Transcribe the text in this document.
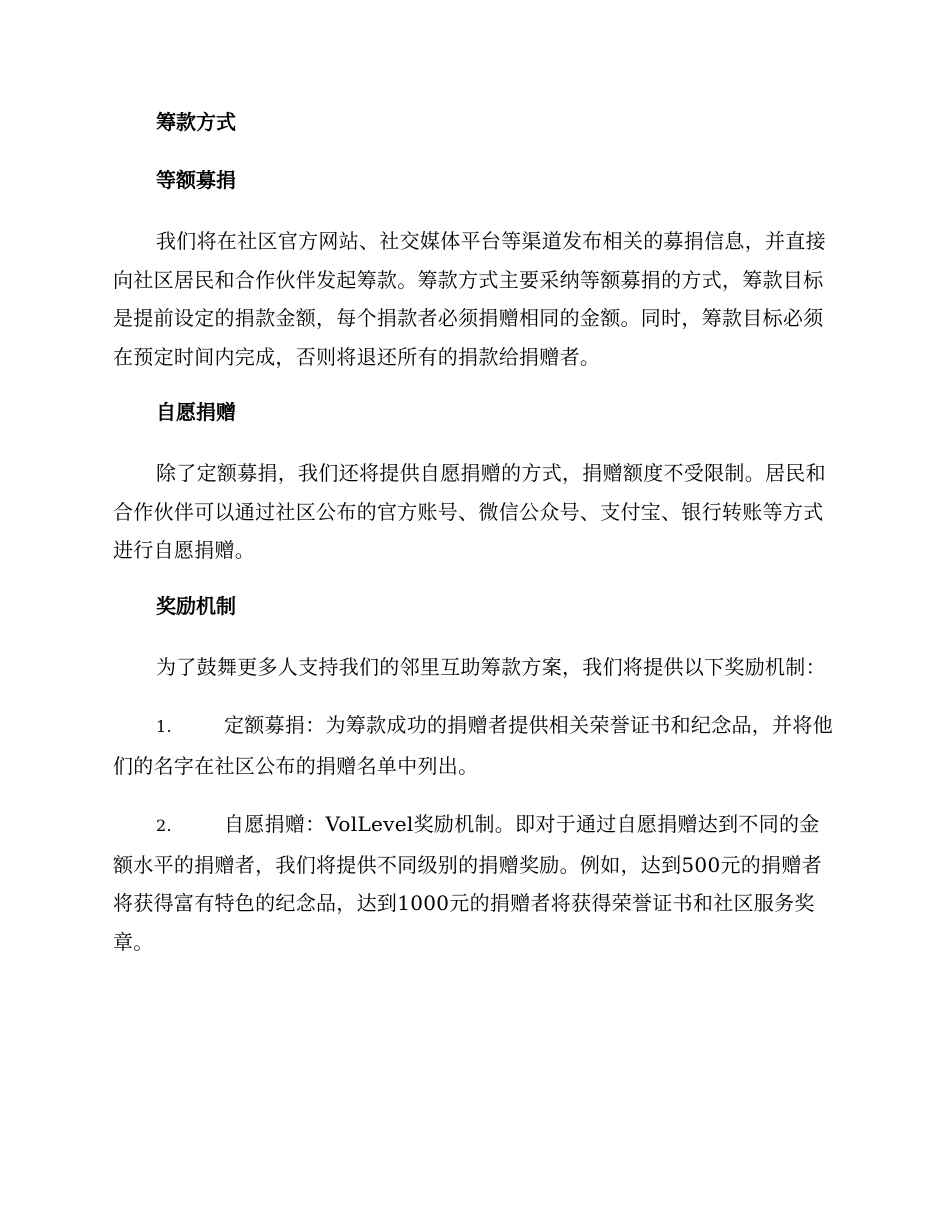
筹款方式
等额募捐

我们将在社区官方网站、社交媒体平台等渠道发布相关的募捐信息，并直接向社区居民和合作伙伴发起筹款。筹款方式主要采纳等额募捐的方式，筹款目标是提前设定的捐款金额，每个捐款者必须捐赠相同的金额。同时，筹款目标必须在预定时间内完成，否则将退还所有的捐款给捐赠者。

自愿捐赠

除了定额募捐，我们还将提供自愿捐赠的方式，捐赠额度不受限制。居民和合作伙伴可以通过社区公布的官方账号、微信公众号、支付宝、银行转账等方式进行自愿捐赠。

奖励机制

为了鼓舞更多人支持我们的邻里互助筹款方案，我们将提供以下奖励机制：

1.	定额募捐：为筹款成功的捐赠者提供相关荣誉证书和纪念品，并将他们的名字在社区公布的捐赠名单中列出。

2.	自愿捐赠：VolLevel奖励机制。即对于通过自愿捐赠达到不同的金额水平的捐赠者，我们将提供不同级别的捐赠奖励。例如，达到500元的捐赠者将获得富有特色的纪念品，达到1000元的捐赠者将获得荣誉证书和社区服务奖章。
